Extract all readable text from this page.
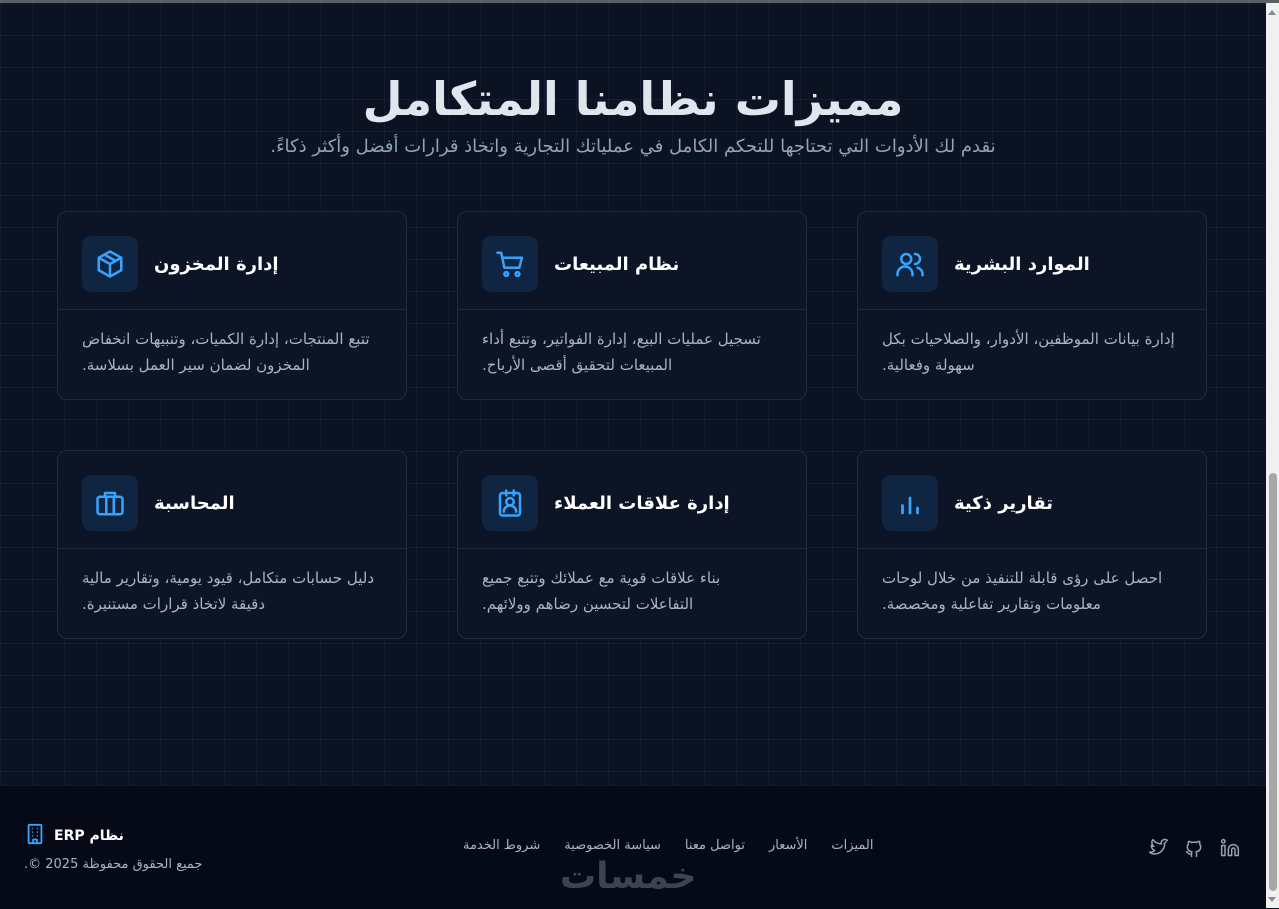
مميزات نظامنا المتكامل
نقدم لك الأدوات التي تحتاجها للتحكم الكامل في عملياتك التجارية واتخاذ قرارات أفضل وأكثر ذكاءً.
إدارة المخزون
تتبع المنتجات، إدارة الكميات، وتنبيهات انخفاض المخزون لضمان سير العمل بسلاسة.
نظام المبيعات
تسجيل عمليات البيع، إدارة الفواتير، وتتبع أداء المبيعات لتحقيق أقصى الأرباح.
الموارد البشرية
إدارة بيانات الموظفين، الأدوار، والصلاحيات بكل سهولة وفعالية.
المحاسبة
دليل حسابات متكامل، قيود يومية، وتقارير مالية دقيقة لاتخاذ قرارات مستنيرة.
إدارة علاقات العملاء
بناء علاقات قوية مع عملائك وتتبع جميع التفاعلات لتحسين رضاهم وولائهم.
تقارير ذكية
احصل على رؤى قابلة للتنفيذ من خلال لوحات معلومات وتقارير تفاعلية ومخصصة.
نظام ERP
جميع الحقوق محفوظة 2025 ©.
شروط الخدمة سياسة الخصوصية تواصل معنا الأسعار الميزات
خمسات
